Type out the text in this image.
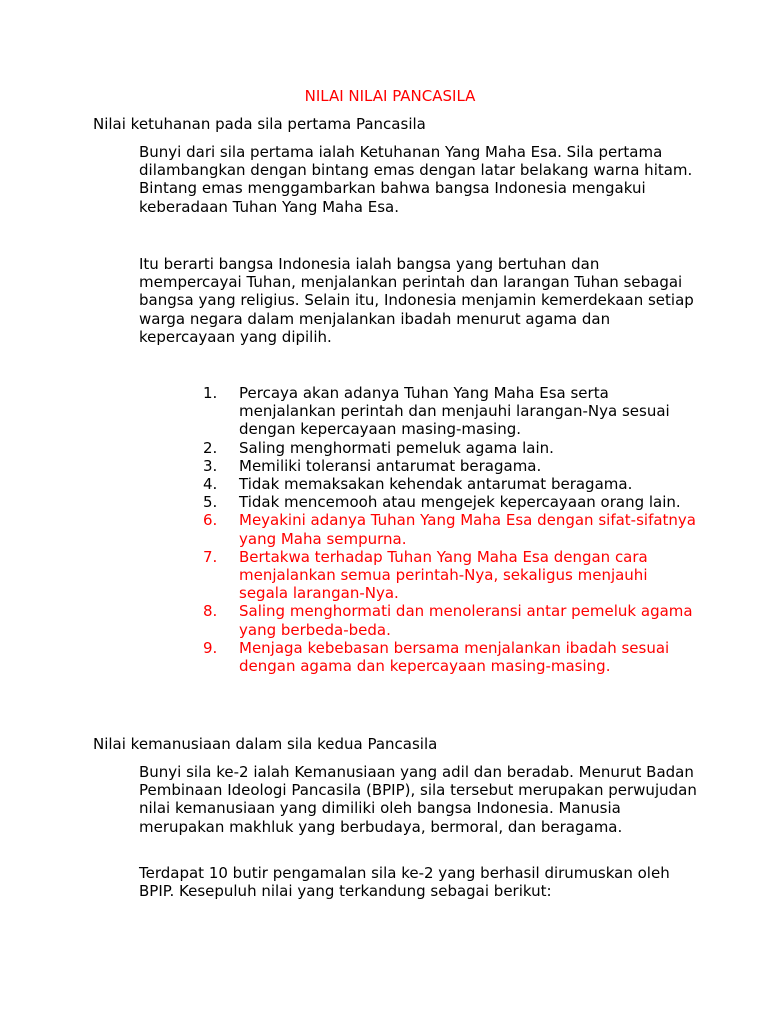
NILAI NILAI PANCASILA
Nilai ketuhanan pada sila pertama Pancasila
Bunyi dari sila pertama ialah Ketuhanan Yang Maha Esa. Sila pertama dilambangkan dengan bintang emas dengan latar belakang warna hitam. Bintang emas menggambarkan bahwa bangsa Indonesia mengakui keberadaan Tuhan Yang Maha Esa.
Itu berarti bangsa Indonesia ialah bangsa yang bertuhan dan mempercayai Tuhan, menjalankan perintah dan larangan Tuhan sebagai bangsa yang religius. Selain itu, Indonesia menjamin kemerdekaan setiap warga negara dalam menjalankan ibadah menurut agama dan kepercayaan yang dipilih.
1. Percaya akan adanya Tuhan Yang Maha Esa serta menjalankan perintah dan menjauhi larangan-Nya sesuai dengan kepercayaan masing-masing.
2. Saling menghormati pemeluk agama lain.
3. Memiliki toleransi antarumat beragama.
4. Tidak memaksakan kehendak antarumat beragama.
5. Tidak mencemooh atau mengejek kepercayaan orang lain.
6. Meyakini adanya Tuhan Yang Maha Esa dengan sifat-sifatnya yang Maha sempurna.
7. Bertakwa terhadap Tuhan Yang Maha Esa dengan cara menjalankan semua perintah-Nya, sekaligus menjauhi segala larangan-Nya.
8. Saling menghormati dan menoleransi antar pemeluk agama yang berbeda-beda.
9. Menjaga kebebasan bersama menjalankan ibadah sesuai dengan agama dan kepercayaan masing-masing.
Nilai kemanusiaan dalam sila kedua Pancasila
Bunyi sila ke-2 ialah Kemanusiaan yang adil dan beradab. Menurut Badan Pembinaan Ideologi Pancasila (BPIP), sila tersebut merupakan perwujudan nilai kemanusiaan yang dimiliki oleh bangsa Indonesia. Manusia merupakan makhluk yang berbudaya, bermoral, dan beragama.
Terdapat 10 butir pengamalan sila ke-2 yang berhasil dirumuskan oleh BPIP. Kesepuluh nilai yang terkandung sebagai berikut:
